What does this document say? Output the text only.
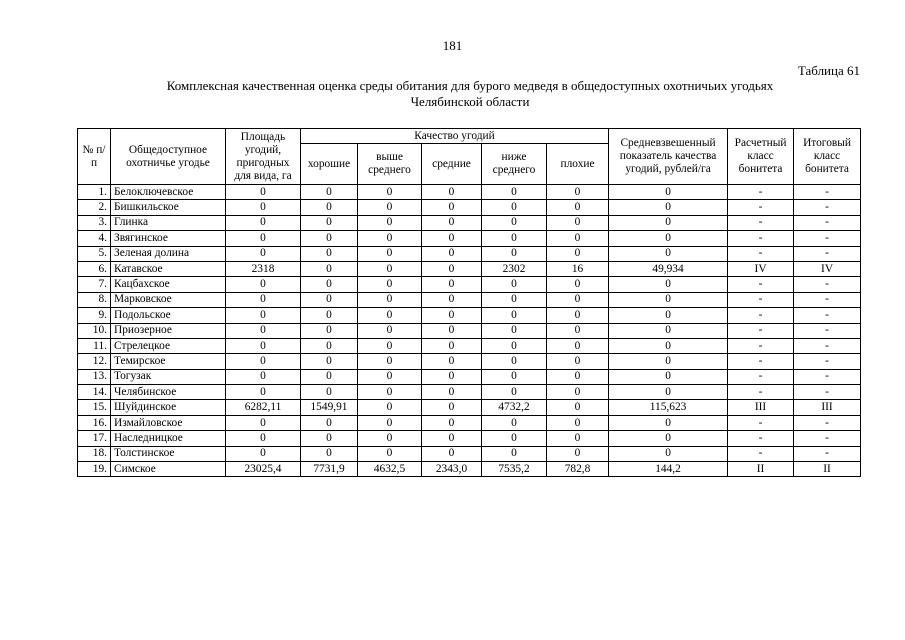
181
Таблица 61
Комплексная качественная оценка среды обитания для бурого медведя в общедоступных охотничьих угодьях
Челябинской области
№ п/п	Общедоступное охотничье угодье	Площадь угодий, пригодных для вида, га	Качество угодий					Средневзвешенный показатель качества угодий, рублей/га	Расчетный класс бонитета	Итоговый класс бонитета
			хорошие	выше среднего	средние	ниже среднего	плохие			
1.	Белоключевское	0	0	0	0	0	0	0	-	-
2.	Бишкильское	0	0	0	0	0	0	0	-	-
3.	Глинка	0	0	0	0	0	0	0	-	-
4.	Звягинское	0	0	0	0	0	0	0	-	-
5.	Зеленая долина	0	0	0	0	0	0	0	-	-
6.	Катавское	2318	0	0	0	2302	16	49,934	IV	IV
7.	Кацбахское	0	0	0	0	0	0	0	-	-
8.	Марковское	0	0	0	0	0	0	0	-	-
9.	Подольское	0	0	0	0	0	0	0	-	-
10.	Приозерное	0	0	0	0	0	0	0	-	-
11.	Стрелецкое	0	0	0	0	0	0	0	-	-
12.	Темирское	0	0	0	0	0	0	0	-	-
13.	Тогузак	0	0	0	0	0	0	0	-	-
14.	Челябинское	0	0	0	0	0	0	0	-	-
15.	Шуйдинское	6282,11	1549,91	0	0	4732,2	0	115,623	III	III
16.	Измайловское	0	0	0	0	0	0	0	-	-
17.	Наследницкое	0	0	0	0	0	0	0	-	-
18.	Толстинское	0	0	0	0	0	0	0	-	-
19.	Симское	23025,4	7731,9	4632,5	2343,0	7535,2	782,8	144,2	II	II
